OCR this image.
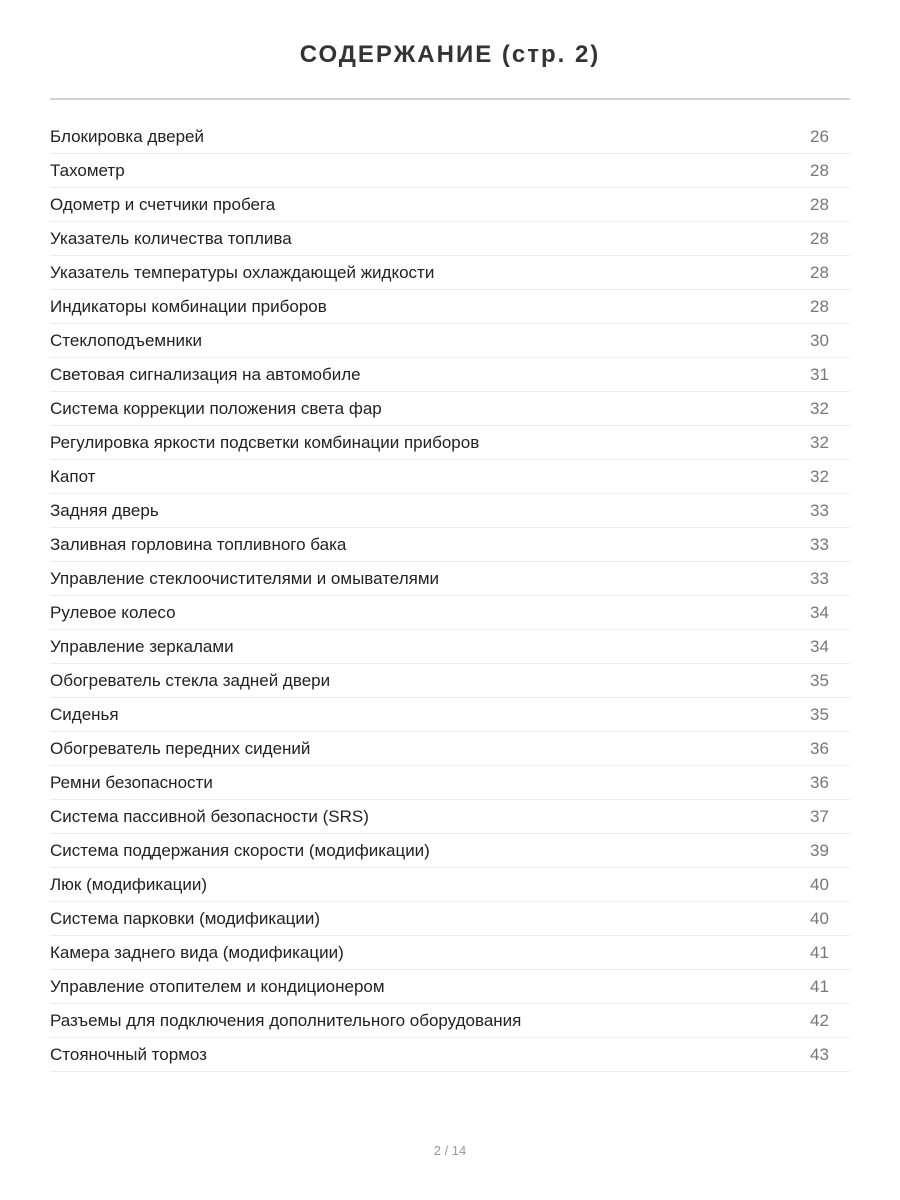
СОДЕРЖАНИЕ (стр. 2)
Блокировка дверей	26
Тахометр	28
Одометр и счетчики пробега	28
Указатель количества топлива	28
Указатель температуры охлаждающей жидкости	28
Индикаторы комбинации приборов	28
Стеклоподъемники	30
Световая сигнализация на автомобиле	31
Система коррекции положения света фар	32
Регулировка яркости подсветки комбинации приборов	32
Капот	32
Задняя дверь	33
Заливная горловина топливного бака	33
Управление стеклоочистителями и омывателями	33
Рулевое колесо	34
Управление зеркалами	34
Обогреватель стекла задней двери	35
Сиденья	35
Обогреватель передних сидений	36
Ремни безопасности	36
Система пассивной безопасности (SRS)	37
Система поддержания скорости (модификации)	39
Люк (модификации)	40
Система парковки (модификации)	40
Камера заднего вида (модификации)	41
Управление отопителем и кондиционером	41
Разъемы для подключения дополнительного оборудования	42
Стояночный тормоз	43
2 / 14
